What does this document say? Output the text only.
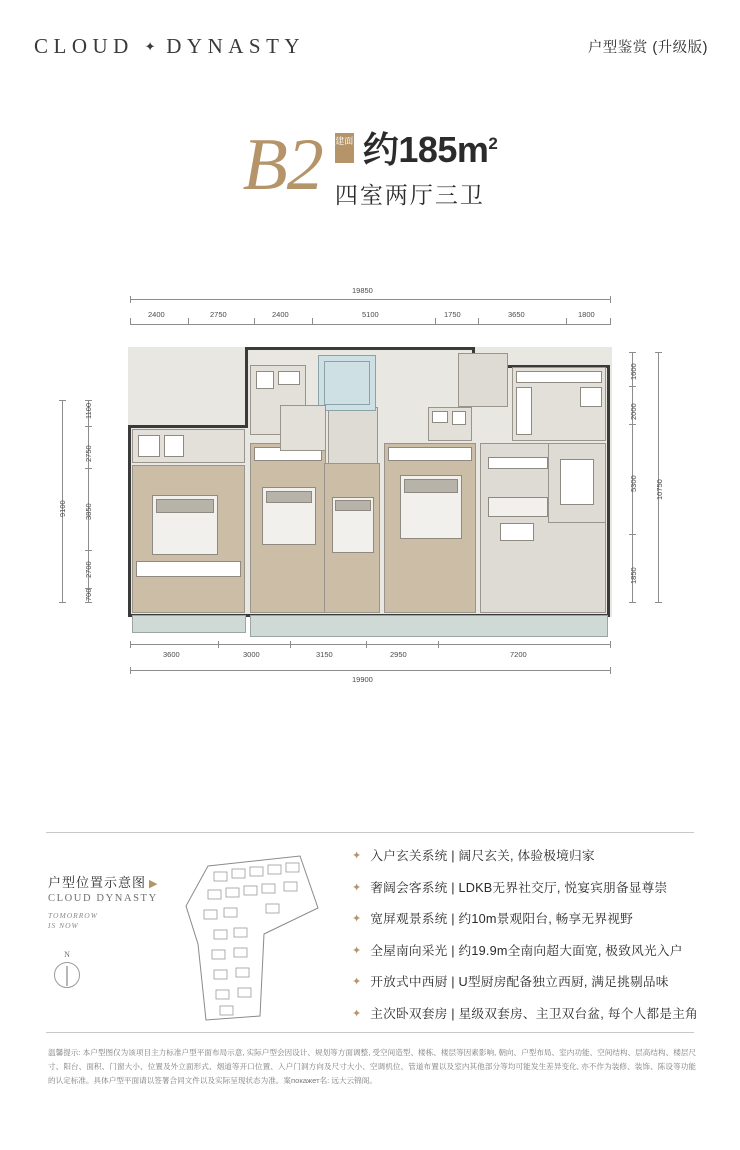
CLOUD ✦ DYNASTY	户型鉴赏 (升级版)
B2 建面 约$185m^2$
四室两厅三卫
19850
2400	2750	2400	5100	1750	3650	1800
9100
1100
2750
3850
2700
700
1600
2000
5300
1850
10750
3600	3000	3150	2950	7200
19900
户型位置示意图 ▶
CLOUD DYNASTY
TOMORROW
IS NOW
N
✦ 入户玄关系统 | 阔尺玄关, 体验极境归家
✦ 奢阔会客系统 | LDKB无界社交厅, 悦宴宾朋备显尊崇
✦ 宽屏观景系统 | 约10m景观阳台, 畅享无界视野
✦ 全屋南向采光 | 约19.9m全南向超大面宽, 极致风光入户
✦ 开放式中西厨 | U型厨房配备独立西厨, 满足挑剔品味
✦ 主次卧双套房 | 星级双套房、主卫双台盆, 每个人都是主角
温馨提示: 本户型图仅为该项目主力标准户型平面布局示意, 实际户型会因设计、规划等方面调整, 受空间造型、楼栋、楼层等因素影响, 朝向、户型布局、室内功能、空间结构、层高结构、楼层尺寸、阳台、面积、门窗大小、位置及外立面形式、烟道等开口位置、入户门洞方向及尺寸大小、空调机位、管道布置以及室内其他部分等均可能发生差异变化, 亦不作为装修、装饰、陈设等功能的认定标准。具体户型平面请以签署合同文件以及实际呈现状态为准。案покажет名: 远大云锦阁。
